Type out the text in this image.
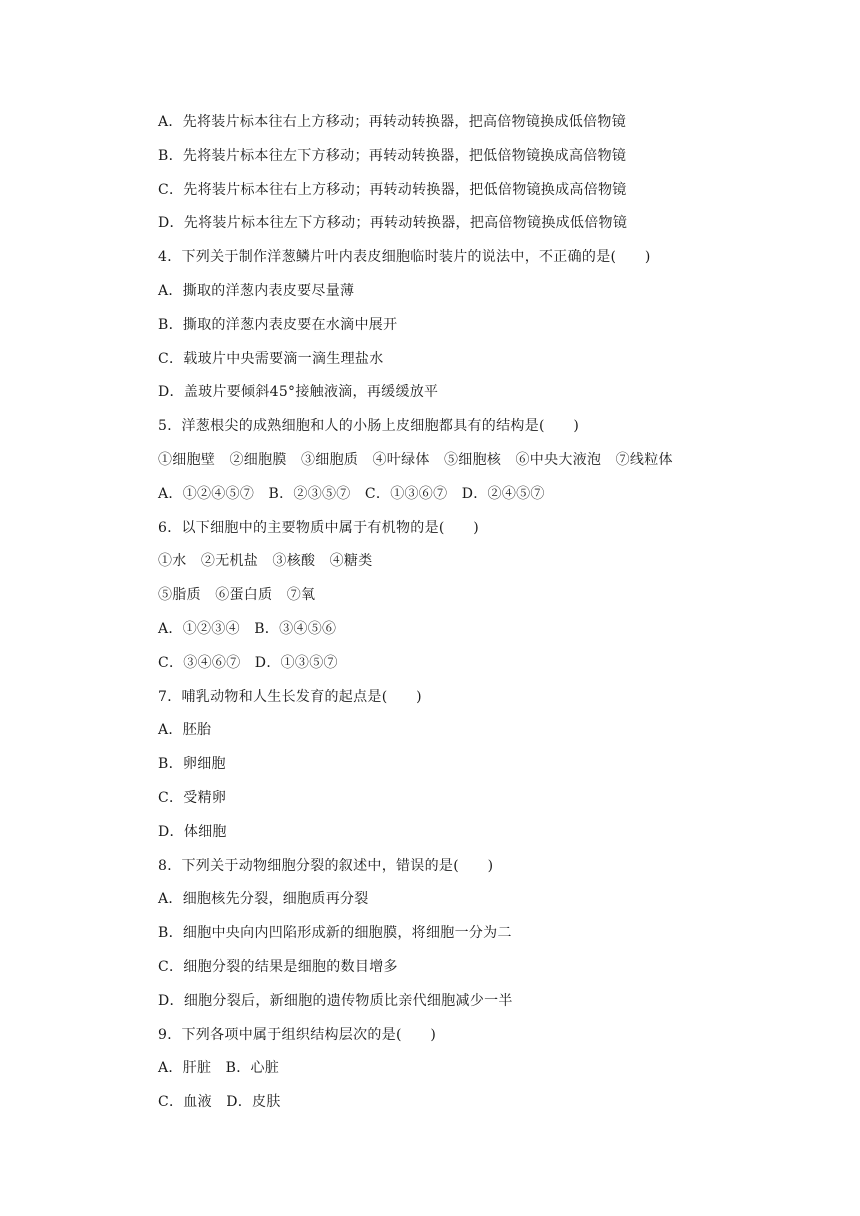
A．先将装片标本往右上方移动；再转动转换器，把高倍物镜换成低倍物镜
B．先将装片标本往左下方移动；再转动转换器，把低倍物镜换成高倍物镜
C．先将装片标本往右上方移动；再转动转换器，把低倍物镜换成高倍物镜
D．先将装片标本往左下方移动；再转动转换器，把高倍物镜换成低倍物镜
4．下列关于制作洋葱鳞片叶内表皮细胞临时装片的说法中，不正确的是(　　)
A．撕取的洋葱内表皮要尽量薄
B．撕取的洋葱内表皮要在水滴中展开
C．载玻片中央需要滴一滴生理盐水
D．盖玻片要倾斜45°接触液滴，再缓缓放平
5．洋葱根尖的成熟细胞和人的小肠上皮细胞都具有的结构是(　　)
①细胞壁　②细胞膜　③细胞质　④叶绿体　⑤细胞核　⑥中央大液泡　⑦线粒体
A．①②④⑤⑦　B．②③⑤⑦　C．①③⑥⑦　D．②④⑤⑦
6．以下细胞中的主要物质中属于有机物的是(　　)
①水　②无机盐　③核酸　④糖类
⑤脂质　⑥蛋白质　⑦氧
A．①②③④　B．③④⑤⑥
C．③④⑥⑦　D．①③⑤⑦
7．哺乳动物和人生长发育的起点是(　　)
A．胚胎
B．卵细胞
C．受精卵
D．体细胞
8．下列关于动物细胞分裂的叙述中，错误的是(　　)
A．细胞核先分裂，细胞质再分裂
B．细胞中央向内凹陷形成新的细胞膜，将细胞一分为二
C．细胞分裂的结果是细胞的数目增多
D．细胞分裂后，新细胞的遗传物质比亲代细胞减少一半
9．下列各项中属于组织结构层次的是(　　)
A．肝脏　B．心脏
C．血液　D．皮肤
